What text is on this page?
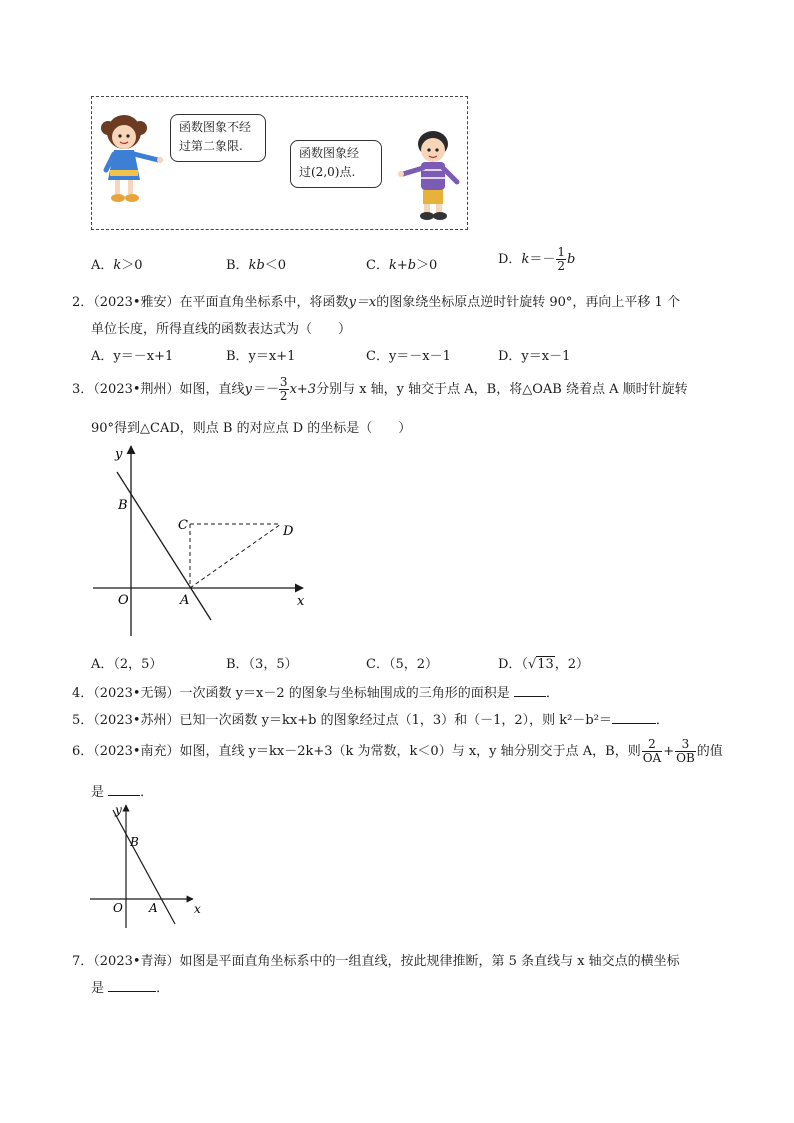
函数图象不经
过第二象限.	函数图象经
过(2,0)点.
A．k＞0	B．kb＜0	C．k+b＞0	D．$k=- \frac{1}{2}$ b
2．（2023•雅安）在平面直角坐标系中，将函数y＝x的图象绕坐标原点逆时针旋转 90°，再向上平移 1 个
单位长度，所得直线的函数表达式为（　　）
A．y＝－x+1	B．y＝x+1	C．y＝－x－1	D．y＝x－1
3．（2023•荆州）如图，直线$y=- \frac{3}{2} x+3$分别与 x 轴，y 轴交于点 A，B，将△OAB 绕着点 A 顺时针旋转
90°得到△CAD，则点 B 的对应点 D 的坐标是（　　）
y
x
O	A
B
C	D
A．（2，5）	B．（3，5）	C．（5，2）	D．（√13，2）
4．（2023•无锡）一次函数 y＝x－2 的图象与坐标轴围成的三角形的面积是	．
5．（2023•苏州）已知一次函数 y＝kx+b 的图象经过点（1，3）和（－1，2），则 k²－b²＝	．
6．（2023•南充）如图，直线 y＝kx－2k+3（k 为常数，k＜0）与 x，y 轴分别交于点 A，B，则 $\frac{2}{OA} + \frac{3}{OB}$ 的值
是	．
y
x
O A
B
7．（2023•青海）如图是平面直角坐标系中的一组直线，按此规律推断，第 5 条直线与 x 轴交点的横坐标
是	．
